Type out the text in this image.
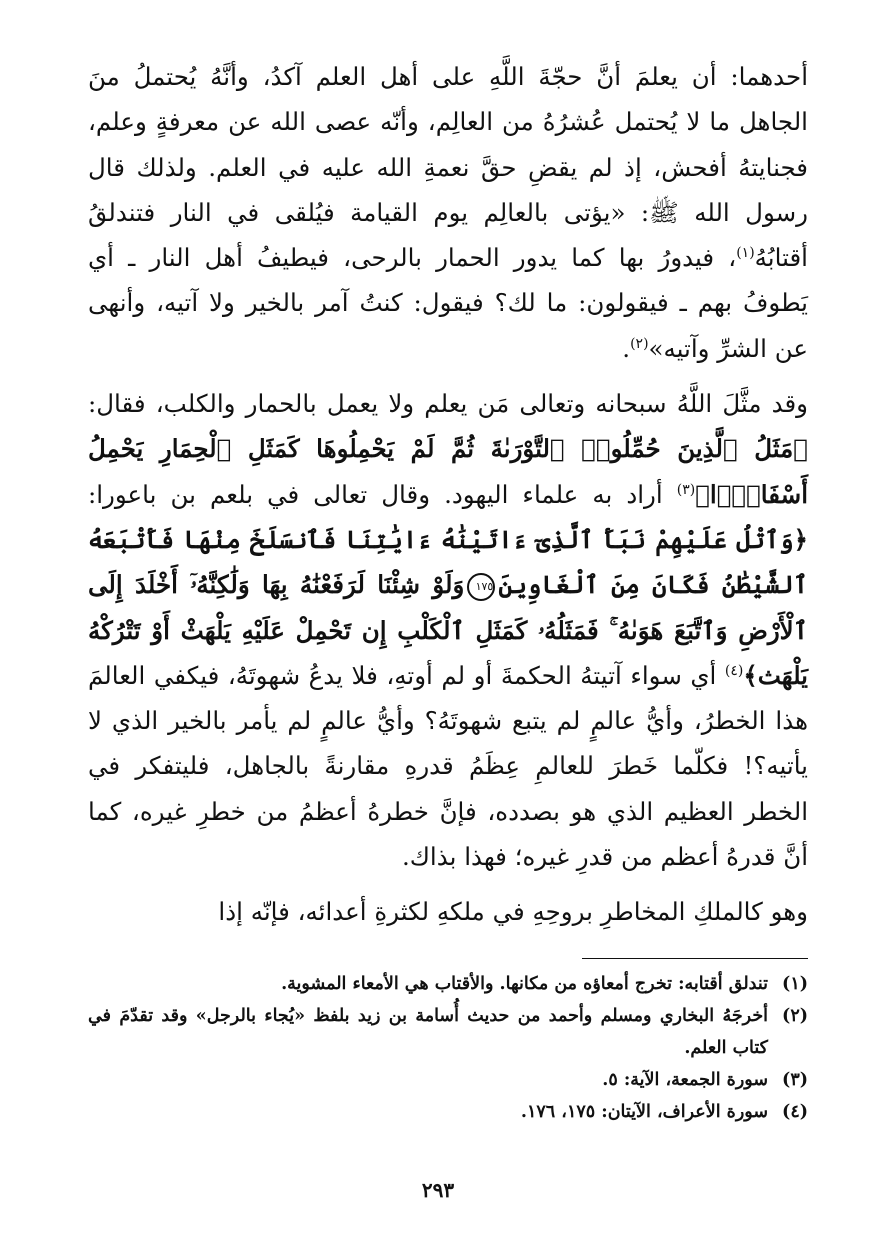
أحدهما: أن يعلمَ أنَّ حجّةَ اللَّهِ على أهل العلم آكدُ، وأنَّهُ يُحتملُ منَ الجاهل ما لا يُحتمل عُشرُهُ من العالِم، وأنّه عصى الله عن معرفةٍ وعلم، فجنايتهُ أفحش، إذ لم يقضِ حقَّ نعمةِ الله عليه في العلم. ولذلك قال رسول الله ﷺ: «يؤتى بالعالِم يوم القيامة فيُلقى في النار فتندلقُ أقتابُهُ$^{(١)}$، فيدورُ بها كما يدور الحمار بالرحى، فيطيفُ أهل النار ـ أي يَطوفُ بهم ـ فيقولون: ما لك؟ فيقول: كنتُ آمر بالخير ولا آتيه، وأنهى عن الشرِّ وآتيه»$^{(٢)}$.

وقد مثَّلَ اللَّهُ سبحانه وتعالى مَن يعلم ولا يعمل بالحمار والكلب، فقال: ﴿مَثَلُ ٱلَّذِينَ حُمِّلُوا۟ ٱلتَّوْرَىٰةَ ثُمَّ لَمْ يَحْمِلُوهَا كَمَثَلِ ٱلْحِمَارِ يَحْمِلُ أَسْفَارًۢا﴾$^{(٣)}$ أراد به علماء اليهود. وقال تعالى في بلعم بن باعورا: ﴿وَٱتْلُ عَلَيْهِمْ نَبَأَ ٱلَّذِىٓ ءَاتَيْنَٰهُ ءَايَٰتِنَا فَٱنسَلَخَ مِنْهَا فَأَتْبَعَهُ ٱلشَّيْطَٰنُ فَكَانَ مِنَ ٱلْغَاوِينَ١٧٥وَلَوْ شِئْنَا لَرَفَعْنَٰهُ بِهَا وَلَٰكِنَّهُۥٓ أَخْلَدَ إِلَى ٱلْأَرْضِ وَٱتَّبَعَ هَوَىٰهُ ۚ فَمَثَلُهُۥ كَمَثَلِ ٱلْكَلْبِ إِن تَحْمِلْ عَلَيْهِ يَلْهَثْ أَوْ تَتْرُكْهُ يَلْهَث﴾$^{(٤)}$ أي سواء آتيتهُ الحكمةَ أو لم أوتهِ، فلا يدعُ شهوتَهُ، فيكفي العالمَ هذا الخطرُ، وأيُّ عالمٍ لم يتبع شهوتَهُ؟ وأيُّ عالمٍ لم يأمر بالخير الذي لا يأتيه؟! فكلّما خَطرَ للعالمِ عِظَمُ قدرهِ مقارنةً بالجاهل، فليتفكر في الخطر العظيم الذي هو بصدده، فإنَّ خطرهُ أعظمُ من خطرِ غيره، كما أنَّ قدرهُ أعظم من قدرِ غيره؛ فهذا بذاك.

وهو كالملكِ المخاطرِ بروحِهِ في ملكهِ لكثرةِ أعدائه، فإنّه إذا

(١)
تندلق أقتابه: تخرج أمعاؤه من مكانها. والأقتاب هي الأمعاء المشوية.
(٢)
أخرجَهُ البخاري ومسلم وأحمد من حديث أُسامة بن زيد بلفظ «يُجاء بالرجل» وقد تقدّمَ في كتاب العلم.
(٣)
سورة الجمعة، الآية: ٥.
(٤)
سورة الأعراف، الآيتان: ١٧٥، ١٧٦.
٢٩٣
